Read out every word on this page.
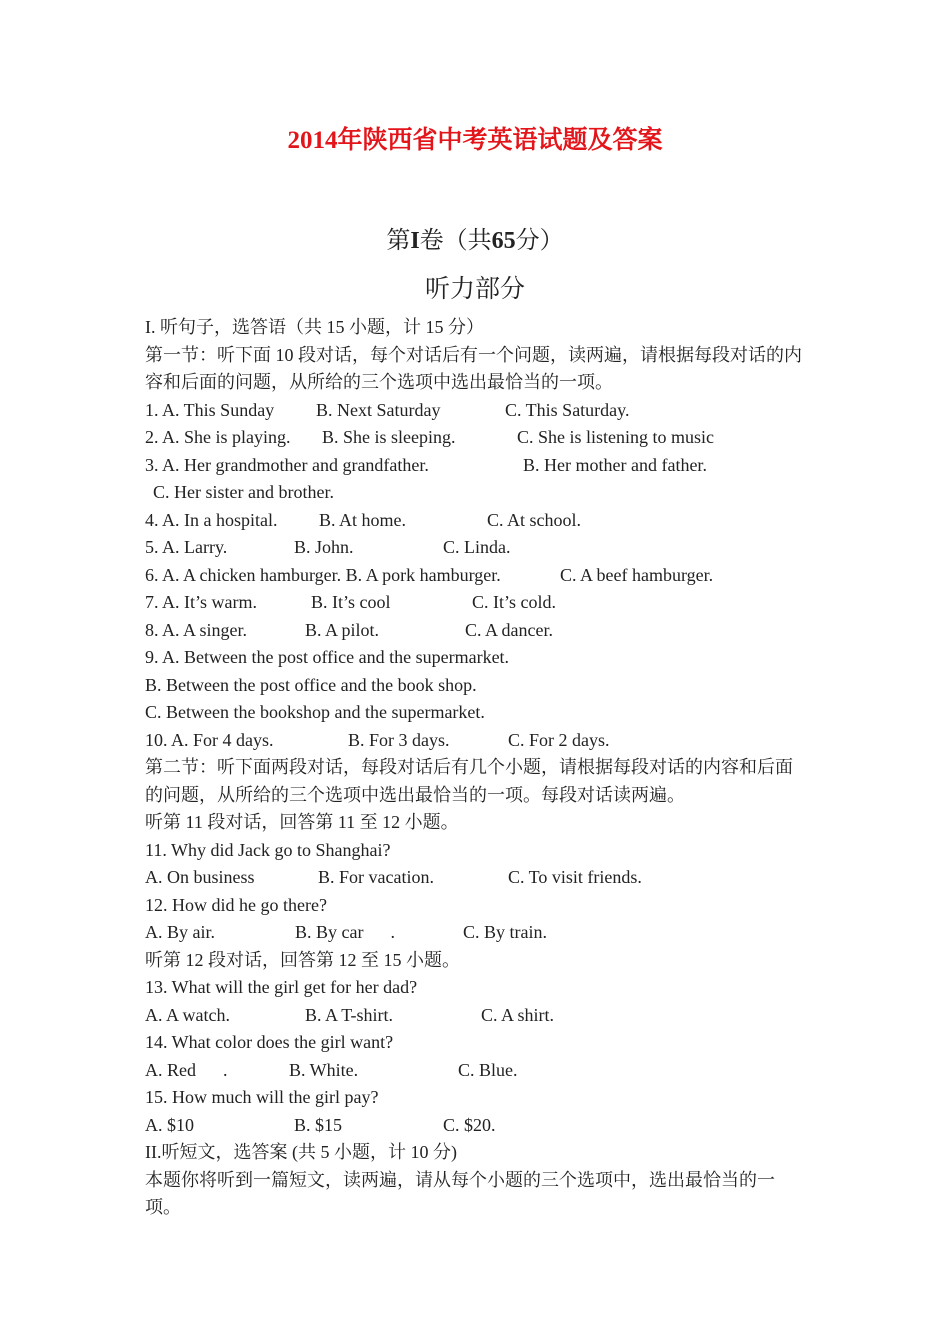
2014年陕西省中考英语试题及答案
第I卷（共65分）
听力部分
I. 听句子，选答语（共 15 小题，计 15 分）
第一节：听下面 10 段对话，每个对话后有一个问题，读两遍，请根据每段对话的内容和后面的问题，从所给的三个选项中选出最恰当的一项。
1. A. This Sunday B. Next Saturday	C. This Saturday.
2. A. She is playing. B. She is sleeping.	C. She is listening to music
3. A. Her grandmother and grandfather.	B. Her mother and father.
C. Her sister and brother.
4. A. In a hospital. B. At home.	C. At school.
5. A. Larry.	B. John.	C. Linda.
6. A. A chicken hamburger. B. A pork hamburger.	C. A beef hamburger.
7. A. It’s warm.	B. It’s cool	C. It’s cold.
8. A. A singer.	B. A pilot.	C. A dancer.
9. A. Between the post office and the supermarket.
B. Between the post office and the book shop.
C. Between the bookshop and the supermarket.
10. A. For 4 days.	B. For 3 days.	C. For 2 days.
第二节：听下面两段对话，每段对话后有几个小题，请根据每段对话的内容和后面的问题，从所给的三个选项中选出最恰当的一项。每段对话读两遍。
听第 11 段对话，回答第 11 至 12 小题。
11. Why did Jack go to Shanghai?
A. On business	B. For vacation.	C. To visit friends.
12. How did he go there?
A. By air.	B. By car      .	C. By train.
听第 12 段对话，回答第 12 至 15 小题。
13. What will the girl get for her dad?
A. A watch.	B. A T-shirt.	C. A shirt.
14. What color does the girl want?
A. Red      .	B. White.	C. Blue.
15. How much will the girl pay?
A. $10	B. $15	C. $20.
II.听短文，选答案 (共 5 小题，计 10 分)
本题你将听到一篇短文，读两遍，请从每个小题的三个选项中，选出最恰当的一项。
